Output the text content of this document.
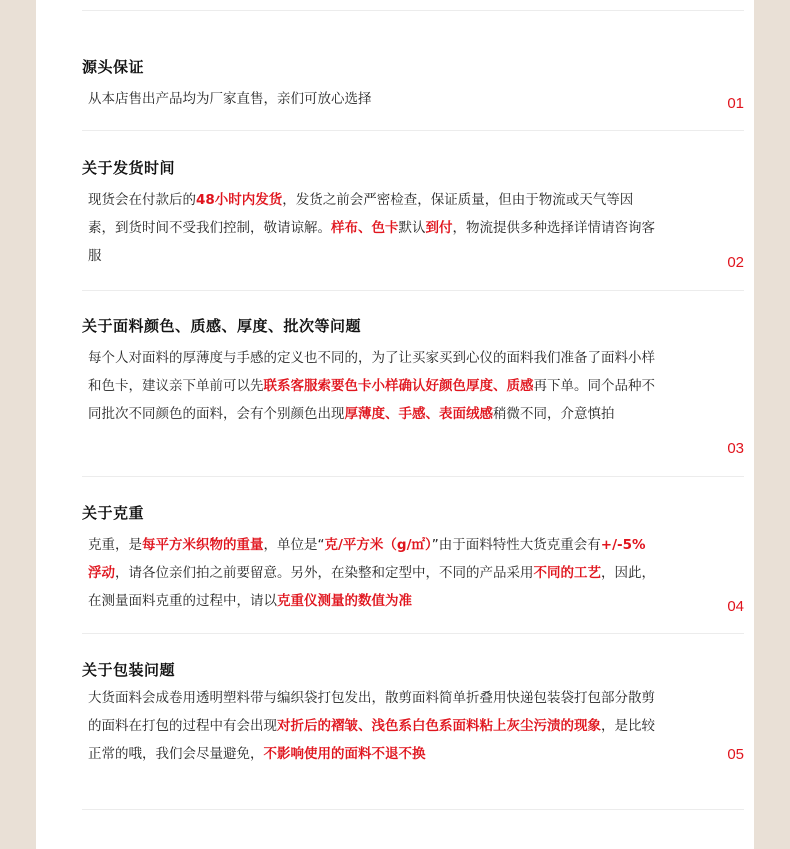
源头保证
从本店售出产品均为厂家直售，亲们可放心选择	01
关于发货时间
现货会在付款后的48小时内发货，发货之前会严密检查，保证质量，但由于物流或天气等因素，到货时间不受我们控制，敬请谅解。样布、色卡默认到付，物流提供多种选择详情请咨询客服	02
关于面料颜色、质感、厚度、批次等问题
每个人对面料的厚薄度与手感的定义也不同的，为了让买家买到心仪的面料我们准备了面料小样和色卡，建议亲下单前可以先联系客服索要色卡小样确认好颜色厚度、质感再下单。同个品种不同批次不同颜色的面料，会有个别颜色出现厚薄度、手感、表面绒感稍微不同，介意慎拍
03
关于克重
克重，是每平方米织物的重量，单位是“克/平方米（g/㎡）”由于面料特性大货克重会有+/-5%浮动，请各位亲们拍之前要留意。另外，在染整和定型中，不同的产品采用不同的工艺，因此，在测量面料克重的过程中，请以克重仪测量的数值为准	04
关于包装问题
大货面料会成卷用透明塑料带与编织袋打包发出，散剪面料简单折叠用快递包装袋打包部分散剪的面料在打包的过程中有会出现对折后的褶皱、浅色系白色系面料粘上灰尘污渍的现象，是比较正常的哦，我们会尽量避免，不影响使用的面料不退不换	05
